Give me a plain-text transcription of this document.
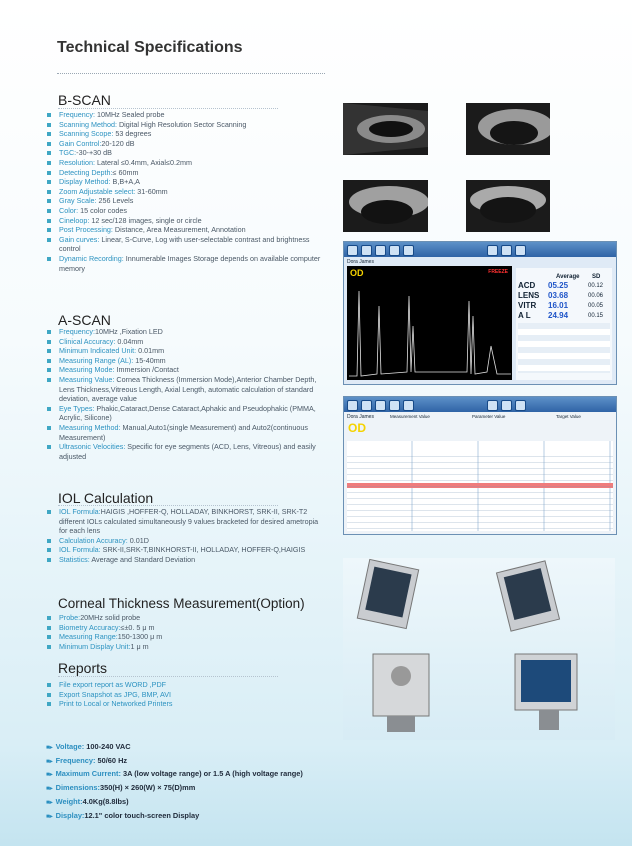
Technical Specifications
B-SCAN
Frequency: 10MHz Sealed probe
Scanning Method: Digital High Resolution Sector Scanning
Scanning Scope: 53 degrees
Gain Control:20-120 dB
TGC:-30-+30 dB
Resolution: Lateral ≤0.4mm, Axial≤0.2mm
Detecting Depth:≤ 60mm
Display Method: B,B+A,A
Zoom Adjustable select: 31-60mm
Gray Scale: 256 Levels
Color: 15 color codes
Cineloop: 12 sec/128 images, single or circle
Post Processing: Distance, Area Measurement, Annotation
Gain curves: Linear, S-Curve, Log with user-selectable contrast and brightness control
Dynamic Recording: Innumerable Images Storage depends on available computer memory
A-SCAN
Frequency:10MHz ,Fixation LED
Clinical Accuracy: 0.04mm
Minimum Indicated Unit: 0.01mm
Measuring Range (AL): 15-40mm
Measuring Mode: Immersion /Contact
Measuring Value: Cornea Thickness (Immersion Mode),Anterior Chamber Depth, Lens Thickness,Vitreous Length, Axial Length, automatic calculation of standard deviation, average value
Eye Types: Phakic,Cataract,Dense Cataract,Aphakic and Pseudophakic (PMMA, Acrylic, Silicone)
Measuring Method: Manual,Auto1(single Measurement) and Auto2(continuous Measurement)
Ultrasonic Velocities: Specific for eye segments (ACD, Lens, Vitreous) and easily adjusted
IOL Calculation
IOL Formula:HAIGIS ,HOFFER-Q, HOLLADAY, BINKHORST, SRK-II, SRK-T2 different IOLs calculated simultaneously 9 values bracketed for desired ametropia for each lens
Calculation Accuracy: 0.01D
IOL Formula: SRK-II,SRK-T,BINKHORST-II, HOLLADAY, HOFFER-Q,HAIGIS
Statistics: Average and Standard Deviation
Corneal Thickness Measurement(Option)
Probe:20MHz solid probe
Biometry Accuracy:≤±0. 5 μ m
Measuring Range:150-1300 μ m
Minimum Display Unit:1 μ m
Reports
File export report as WORD ,PDF
Export Snapshot as JPG, BMP, AVI
Print to Local or Networked Printers
Dora James
OD	FREEZE
Average SD
ACD	05.25	00.12
LENS	03.68	00.06
VITR	16.01	00.05
A L	24.94	00.15
Dora James	Measurement Value	Parameter Value	Target Value
OD
■▸ Voltage: 100-240 VAC
■▸ Frequency: 50/60 Hz
■▸ Maximum Current: 3A (low voltage range) or 1.5 A (high voltage range)
■▸ Dimensions:350(H) × 260(W) × 75(D)mm
■▸ Weight:4.0Kg(8.8lbs)
■▸ Display:12.1" color touch-screen Display
